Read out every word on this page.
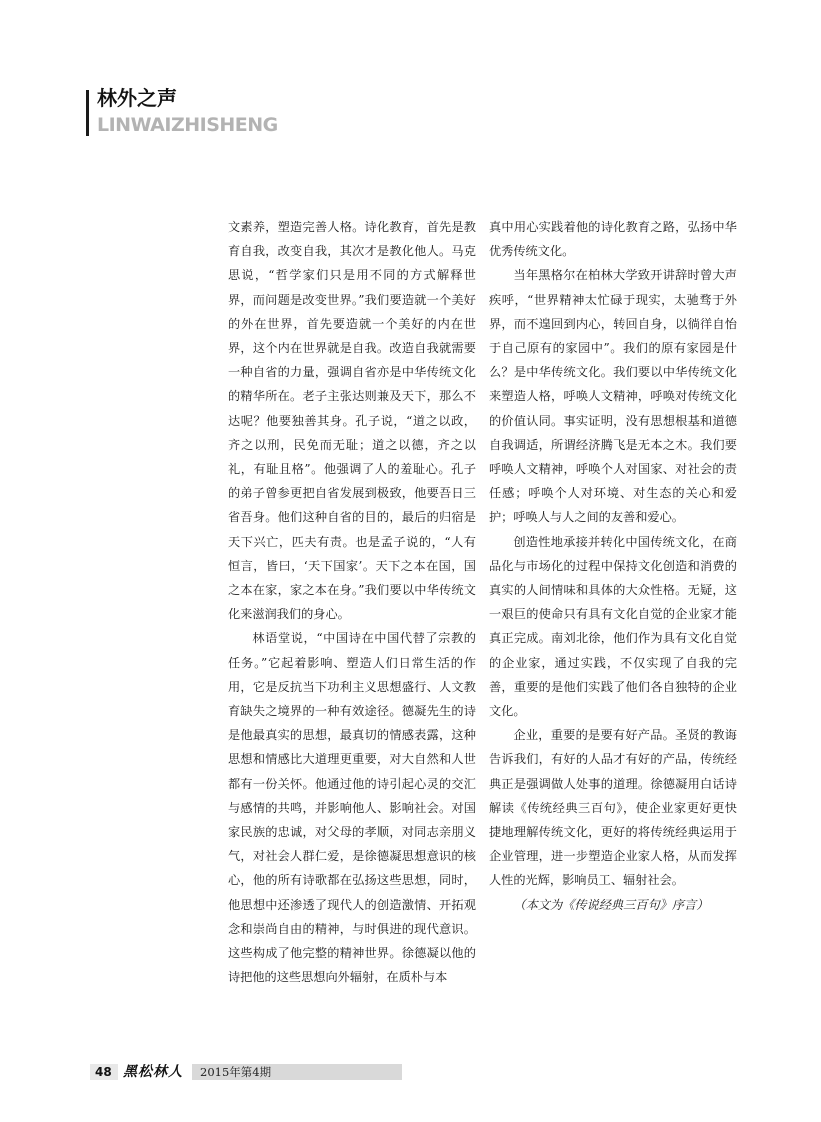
林外之声
LINWAIZHISHENG

文素养，塑造完善人格。诗化教育，首先是教育自我，改变自我，其次才是教化他人。马克思说，“哲学家们只是用不同的方式解释世界，而问题是改变世界。”我们要造就一个美好的外在世界，首先要造就一个美好的内在世界，这个内在世界就是自我。改造自我就需要一种自省的力量，强调自省亦是中华传统文化的精华所在。老子主张达则兼及天下，那么不达呢？他要独善其身。孔子说，“道之以政，齐之以刑，民免而无耻；道之以德，齐之以礼，有耻且格”。他强调了人的羞耻心。孔子的弟子曾参更把自省发展到极致，他要吾日三省吾身。他们这种自省的目的，最后的归宿是天下兴亡，匹夫有责。也是孟子说的，“人有恒言，皆曰，‘天下国家’。天下之本在国，国之本在家，家之本在身。”我们要以中华传统文化来滋润我们的身心。

林语堂说，“中国诗在中国代替了宗教的任务。”它起着影响、塑造人们日常生活的作用，它是反抗当下功利主义思想盛行、人文教育缺失之境界的一种有效途径。德凝先生的诗是他最真实的思想，最真切的情感表露，这种思想和情感比大道理更重要，对大自然和人世都有一份关怀。他通过他的诗引起心灵的交汇与感情的共鸣，并影响他人、影响社会。对国家民族的忠诚，对父母的孝顺，对同志亲朋义气，对社会人群仁爱，是徐德凝思想意识的核心，他的所有诗歌都在弘扬这些思想，同时，他思想中还渗透了现代人的创造激情、开拓观念和崇尚自由的精神，与时俱进的现代意识。这些构成了他完整的精神世界。徐德凝以他的诗把他的这些思想向外辐射，在质朴与本

真中用心实践着他的诗化教育之路，弘扬中华优秀传统文化。

当年黑格尔在柏林大学致开讲辞时曾大声疾呼，“世界精神太忙碌于现实，太驰骛于外界，而不遑回到内心，转回自身，以徜徉自怡于自己原有的家园中”。我们的原有家园是什么？是中华传统文化。我们要以中华传统文化来塑造人格，呼唤人文精神，呼唤对传统文化的价值认同。事实证明，没有思想根基和道德自我调适，所谓经济腾飞是无本之木。我们要呼唤人文精神，呼唤个人对国家、对社会的责任感；呼唤个人对环境、对生态的关心和爱护；呼唤人与人之间的友善和爱心。

创造性地承接并转化中国传统文化，在商品化与市场化的过程中保持文化创造和消费的真实的人间情味和具体的大众性格。无疑，这一艰巨的使命只有具有文化自觉的企业家才能真正完成。南刘北徐，他们作为具有文化自觉的企业家，通过实践，不仅实现了自我的完善，重要的是他们实践了他们各自独特的企业文化。

企业，重要的是要有好产品。圣贤的教诲告诉我们，有好的人品才有好的产品，传统经典正是强调做人处事的道理。徐德凝用白话诗解读《传统经典三百句》，使企业家更好更快捷地理解传统文化，更好的将传统经典运用于企业管理，进一步塑造企业家人格，从而发挥人性的光辉，影响员工、辐射社会。

（本文为《传说经典三百句》序言）

48 黑松林人	2015年第4期
